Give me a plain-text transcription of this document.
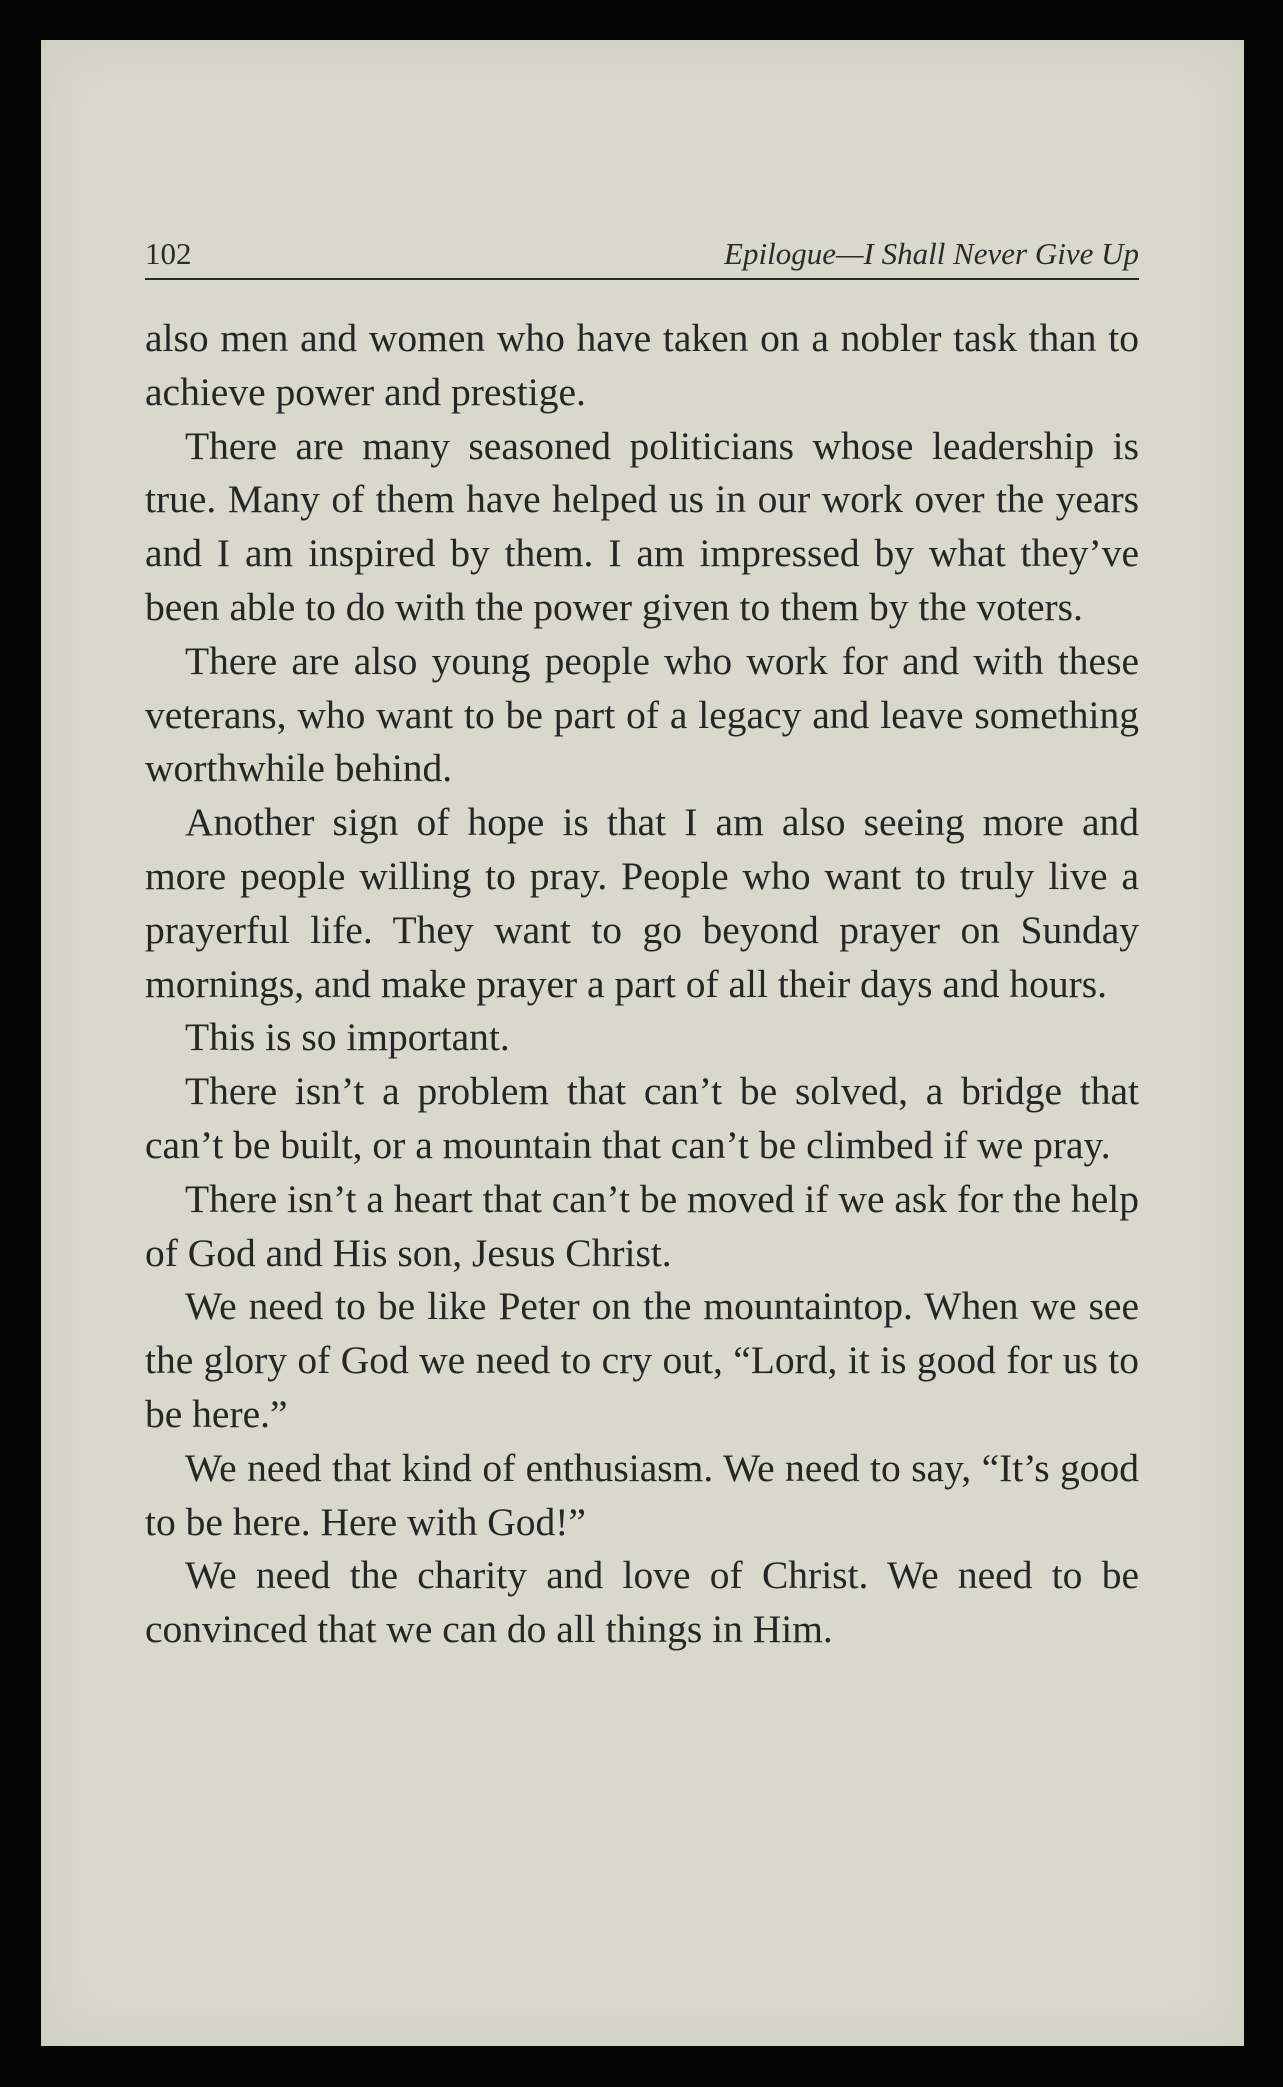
102	Epilogue—I Shall Never Give Up

also men and women who have taken on a nobler task than to achieve power and prestige.

There are many seasoned politicians whose leadership is true. Many of them have helped us in our work over the years and I am inspired by them. I am impressed by what they’ve been able to do with the power given to them by the voters.

There are also young people who work for and with these veterans, who want to be part of a legacy and leave something worthwhile behind.

Another sign of hope is that I am also seeing more and more people willing to pray. People who want to truly live a prayerful life. They want to go beyond prayer on Sunday mornings, and make prayer a part of all their days and hours.

This is so important.

There isn’t a problem that can’t be solved, a bridge that can’t be built, or a mountain that can’t be climbed if we pray.

There isn’t a heart that can’t be moved if we ask for the help of God and His son, Jesus Christ.

We need to be like Peter on the mountaintop. When we see the glory of God we need to cry out, “Lord, it is good for us to be here.”

We need that kind of enthusiasm. We need to say, “It’s good to be here. Here with God!”

We need the charity and love of Christ. We need to be convinced that we can do all things in Him.
